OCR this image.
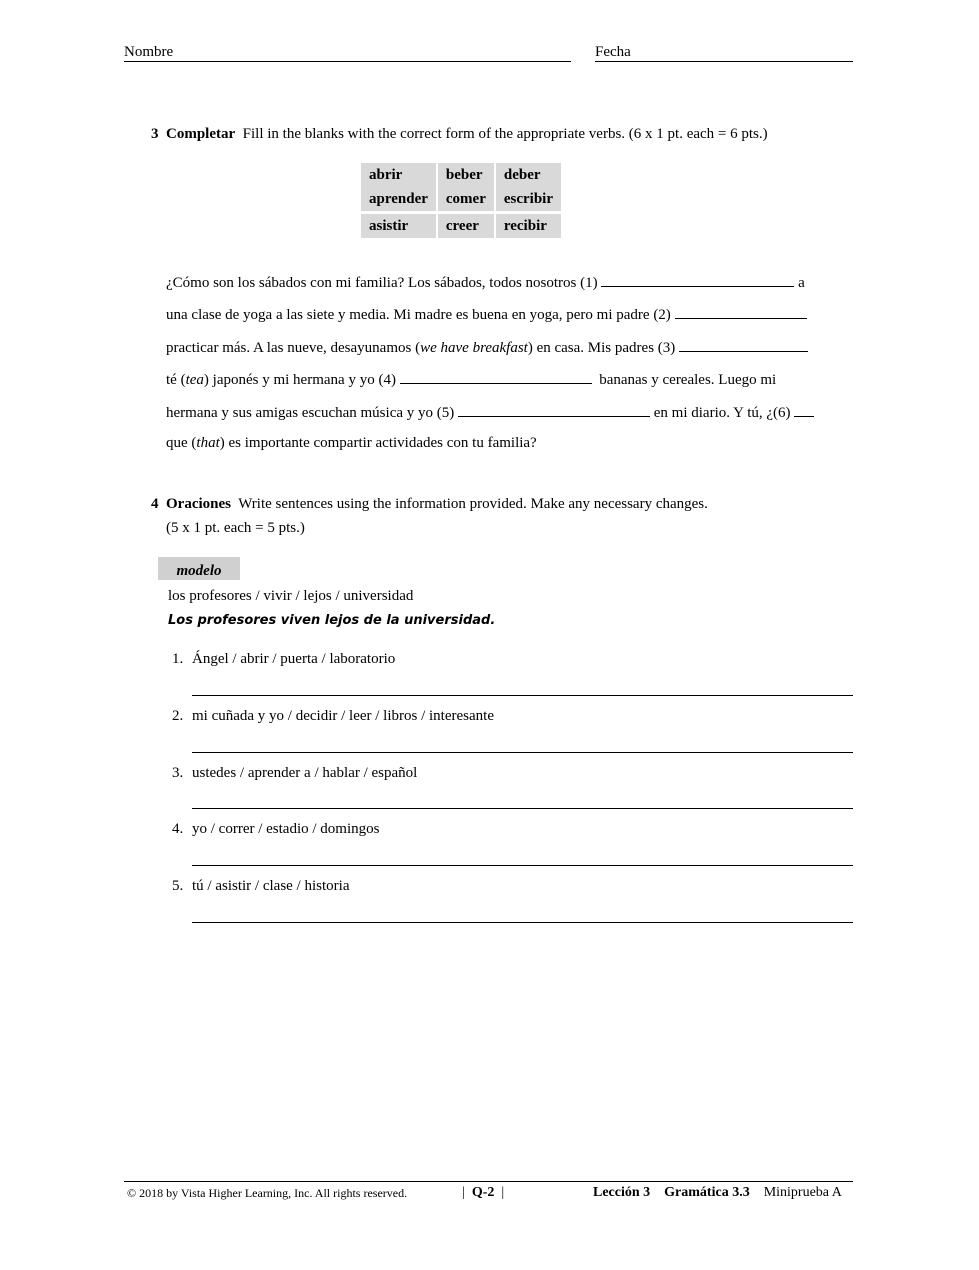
Nombre	Fecha
3 Completar Fill in the blanks with the correct form of the appropriate verbs. (6 x 1 pt. each = 6 pts.)
abrir	beber	deber
aprender	comer	escribir
asistir	creer	recibir
¿Cómo son los sábados con mi familia? Los sábados, todos nosotros (1)	a
una clase de yoga a las siete y media. Mi madre es buena en yoga, pero mi padre (2)
practicar más. A las nueve, desayunamos (we have breakfast) en casa. Mis padres (3)
té (tea) japonés y mi hermana y yo (4)	bananas y cereales. Luego mi
hermana y sus amigas escuchan música y yo (5)	en mi diario. Y tú, ¿(6)
que (that) es importante compartir actividades con tu familia?
4 Oraciones Write sentences using the information provided. Make any necessary changes.
(5 x 1 pt. each = 5 pts.)
modelo
los profesores / vivir / lejos / universidad
Los profesores viven lejos de la universidad.
1. Ángel / abrir / puerta / laboratorio
2. mi cuñada y yo / decidir / leer / libros / interesante
3. ustedes / aprender a / hablar / español
4. yo / correr / estadio / domingos
5. tú / asistir / clase / historia
© 2018 by Vista Higher Learning, Inc. All rights reserved.	|  Q-2  |	Lección 3 Gramática 3.3 Miniprueba A
